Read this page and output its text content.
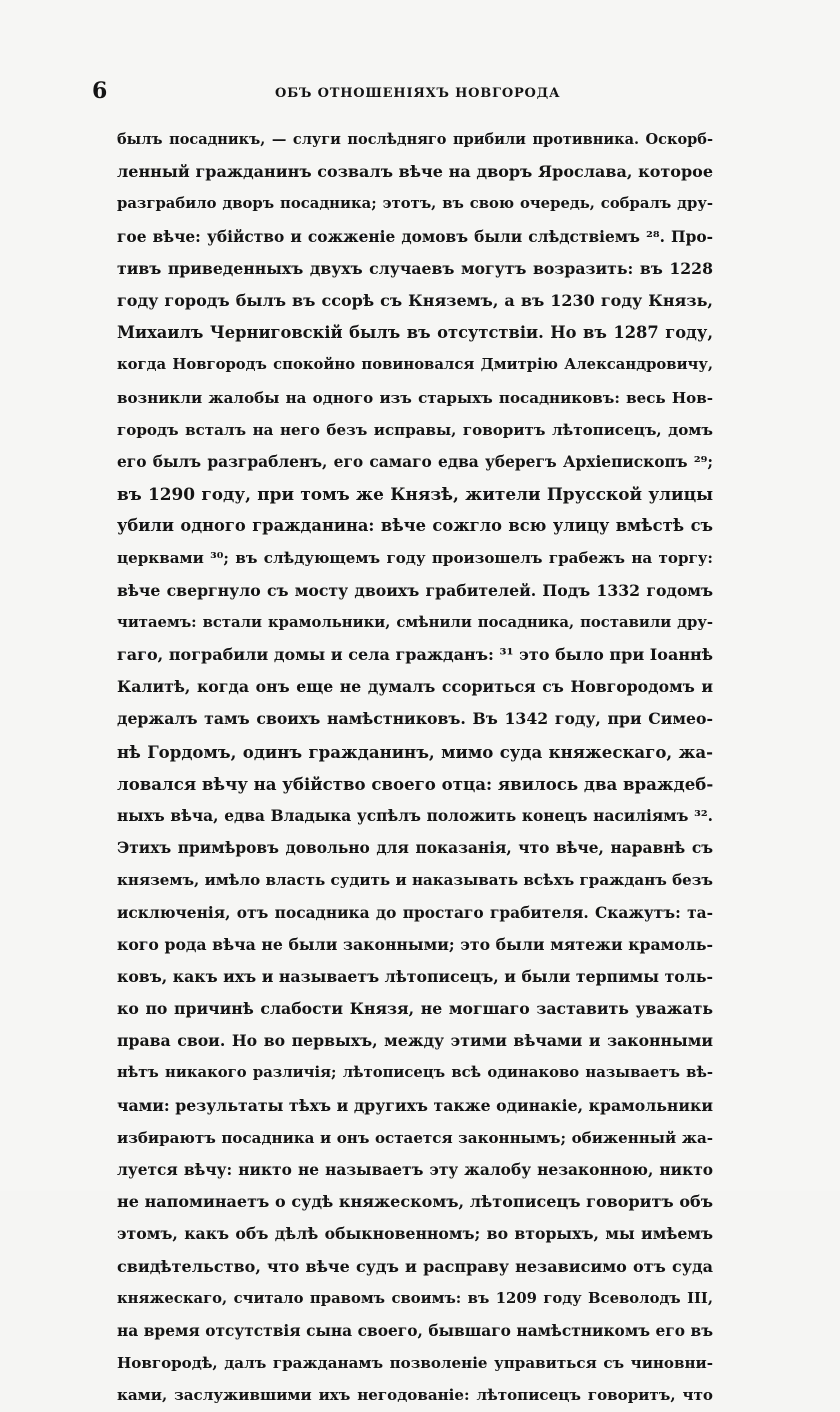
6	ОБЪ ОТНОШЕНІЯХЪ НОВГОРОДА
былъ посадникъ, — слуги послѣдняго прибили противника. Оскорб-
ленный гражданинъ созвалъ вѣче на дворъ Ярослава, которое
разграбило дворъ посадника; этотъ, въ свою очередь, собралъ дру-
гое вѣче: убійство и сожженіе домовъ были слѣдствіемъ ²⁸. Про-
тивъ приведенныхъ двухъ случаевъ могутъ возразить: въ 1228
году городъ былъ въ ссорѣ съ Княземъ, а въ 1230 году Князь,
Михаилъ Черниговскій былъ въ отсутствіи. Но въ 1287 году,
когда Новгородъ спокойно повиновался Дмитрію Александровичу,
возникли жалобы на одного изъ старыхъ посадниковъ: весь Нов-
городъ всталъ на него безъ исправы, говоритъ лѣтописецъ, домъ
его былъ разграбленъ, его самаго едва уберегъ Архіепископъ ²⁹;
въ 1290 году, при томъ же Князѣ, жители Прусской улицы
убили одного гражданина: вѣче сожгло всю улицу вмѣстѣ съ
церквами ³⁰; въ слѣдующемъ году произошелъ грабежъ на торгу:
вѣче свергнуло съ мосту двоихъ грабителей. Подъ 1332 годомъ
читаемъ: встали крамольники, смѣнили посадника, поставили дру-
гаго, пограбили домы и села гражданъ: ³¹ это было при Іоаннѣ
Калитѣ, когда онъ еще не думалъ ссориться съ Новгородомъ и
держалъ тамъ своихъ намѣстниковъ. Въ 1342 году, при Симео-
нѣ Гордомъ, одинъ гражданинъ, мимо суда княжескаго, жа-
ловался вѣчу на убійство своего отца: явилось два враждеб-
ныхъ вѣча, едва Владыка успѣлъ положить конецъ насиліямъ ³².
Этихъ примѣровъ довольно для показанія, что вѣче, наравнѣ съ
княземъ, имѣло власть судить и наказывать всѣхъ гражданъ безъ
исключенія, отъ посадника до простаго грабителя. Скажутъ: та-
кого рода вѣча не были законными; это были мятежи крамоль-
ковъ, какъ ихъ и называетъ лѣтописецъ, и были терпимы толь-
ко по причинѣ слабости Князя, не могшаго заставить уважать
права свои. Но во первыхъ, между этими вѣчами и законными
нѣтъ никакого различія; лѣтописецъ всѣ одинаково называетъ вѣ-
чами: результаты тѣхъ и другихъ также одинакіе, крамольники
избираютъ посадника и онъ остается законнымъ; обиженный жа-
луется вѣчу: никто не называетъ эту жалобу незаконною, никто
не напоминаетъ о судѣ княжескомъ, лѣтописецъ говоритъ объ
этомъ, какъ объ дѣлѣ обыкновенномъ; во вторыхъ, мы имѣемъ
свидѣтельство, что вѣче судъ и расправу независимо отъ суда
княжескаго, считало правомъ своимъ: въ 1209 году Всеволодъ III,
на время отсутствія сына своего, бывшаго намѣстникомъ его въ
Новгородѣ, далъ гражданамъ позволеніе управиться съ чиновни-
ками, заслужившими ихъ негодованіе: лѣтописецъ говоритъ, что
